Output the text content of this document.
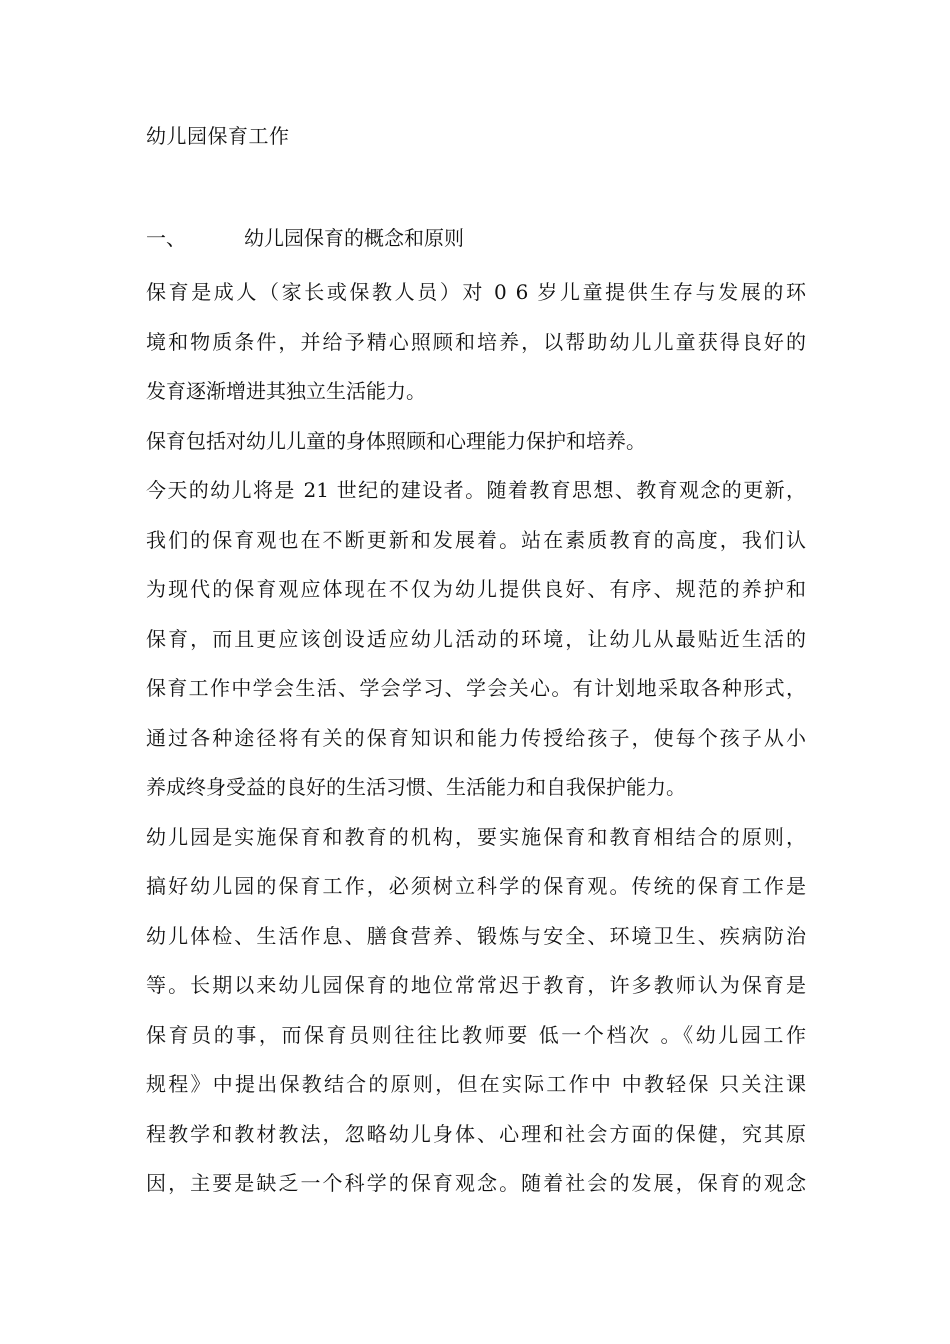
幼儿园保育工作
一、	幼儿园保育的概念和原则
保育是成人（家长或保教人员）对 0 6 岁儿童提供生存与发展的环
境和物质条件，并给予精心照顾和培养，以帮助幼儿儿童获得良好的
发育逐渐增进其独立生活能力。
保育包括对幼儿儿童的身体照顾和心理能力保护和培养。
今天的幼儿将是 21 世纪的建设者。随着教育思想、教育观念的更新，
我们的保育观也在不断更新和发展着。站在素质教育的高度，我们认
为现代的保育观应体现在不仅为幼儿提供良好、有序、规范的养护和
保育，而且更应该创设适应幼儿活动的环境，让幼儿从最贴近生活的
保育工作中学会生活、学会学习、学会关心。有计划地采取各种形式，
通过各种途径将有关的保育知识和能力传授给孩子，使每个孩子从小
养成终身受益的良好的生活习惯、生活能力和自我保护能力。
幼儿园是实施保育和教育的机构，要实施保育和教育相结合的原则，
搞好幼儿园的保育工作，必须树立科学的保育观。传统的保育工作是
幼儿体检、生活作息、膳食营养、锻炼与安全、环境卫生、疾病防治
等。长期以来幼儿园保育的地位常常迟于教育，许多教师认为保育是
保育员的事，而保育员则往往比教师要 低一个档次 。《幼儿园工作
规程》中提出保教结合的原则，但在实际工作中 中教轻保 只关注课
程教学和教材教法，忽略幼儿身体、心理和社会方面的保健，究其原
因，主要是缺乏一个科学的保育观念。随着社会的发展，保育的观念
